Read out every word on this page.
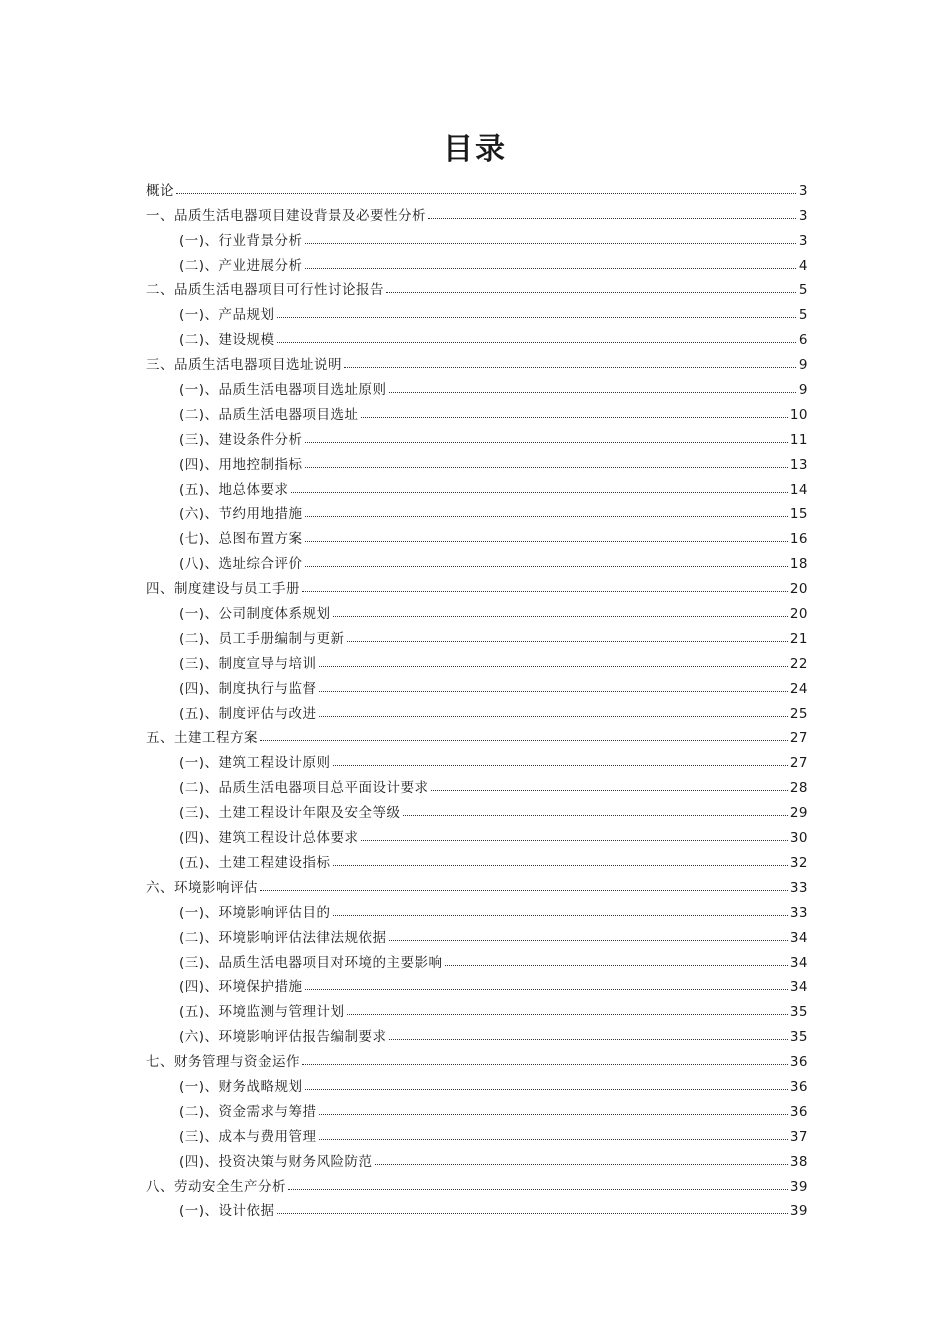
目录
概论	3
一、品质生活电器项目建设背景及必要性分析	3
(一)、行业背景分析	3
(二)、产业进展分析	4
二、品质生活电器项目可行性讨论报告	5
(一)、产品规划	5
(二)、建设规模	6
三、品质生活电器项目选址说明	9
(一)、品质生活电器项目选址原则	9
(二)、品质生活电器项目选址	10
(三)、建设条件分析	11
(四)、用地控制指标	13
(五)、地总体要求	14
(六)、节约用地措施	15
(七)、总图布置方案	16
(八)、选址综合评价	18
四、制度建设与员工手册	20
(一)、公司制度体系规划	20
(二)、员工手册编制与更新	21
(三)、制度宣导与培训	22
(四)、制度执行与监督	24
(五)、制度评估与改进	25
五、土建工程方案	27
(一)、建筑工程设计原则	27
(二)、品质生活电器项目总平面设计要求	28
(三)、土建工程设计年限及安全等级	29
(四)、建筑工程设计总体要求	30
(五)、土建工程建设指标	32
六、环境影响评估	33
(一)、环境影响评估目的	33
(二)、环境影响评估法律法规依据	34
(三)、品质生活电器项目对环境的主要影响	34
(四)、环境保护措施	34
(五)、环境监测与管理计划	35
(六)、环境影响评估报告编制要求	35
七、财务管理与资金运作	36
(一)、财务战略规划	36
(二)、资金需求与筹措	36
(三)、成本与费用管理	37
(四)、投资决策与财务风险防范	38
八、劳动安全生产分析	39
(一)、设计依据	39
